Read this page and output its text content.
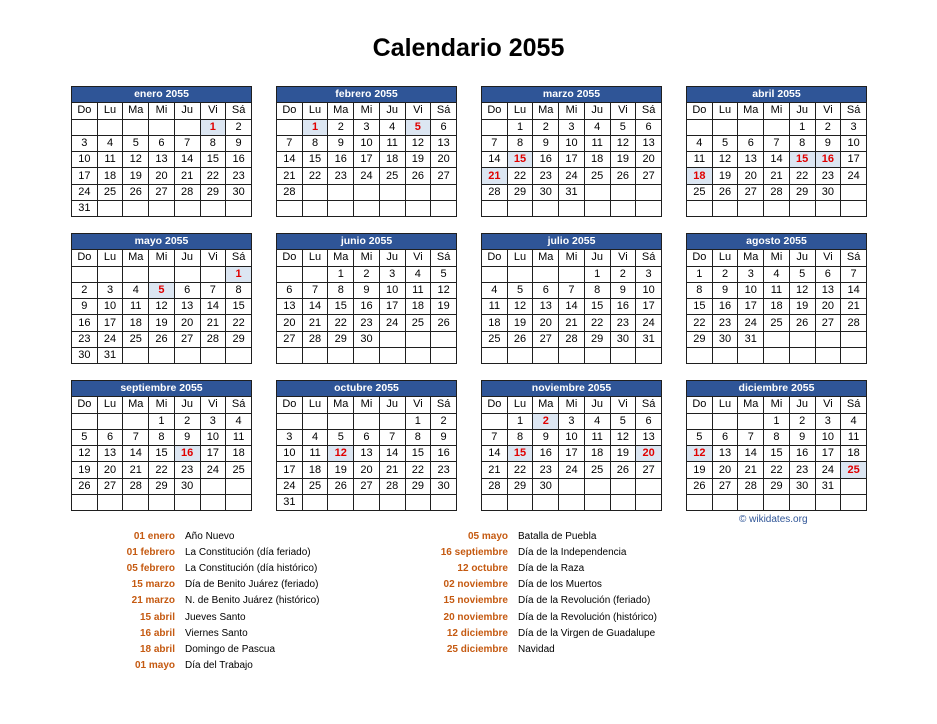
Calendario 2055
enero 2055						
Do	Lu	Ma	Mi	Ju	Vi	Sá
					1	2
3	4	5	6	7	8	9
10	11	12	13	14	15	16
17	18	19	20	21	22	23
24	25	26	27	28	29	30
31						
febrero 2055						
Do	Lu	Ma	Mi	Ju	Vi	Sá
	1	2	3	4	5	6
7	8	9	10	11	12	13
14	15	16	17	18	19	20
21	22	23	24	25	26	27
28						

marzo 2055						
Do	Lu	Ma	Mi	Ju	Vi	Sá
	1	2	3	4	5	6
7	8	9	10	11	12	13
14	15	16	17	18	19	20
21	22	23	24	25	26	27
28	29	30	31			

abril 2055						
Do	Lu	Ma	Mi	Ju	Vi	Sá
				1	2	3
4	5	6	7	8	9	10
11	12	13	14	15	16	17
18	19	20	21	22	23	24
25	26	27	28	29	30	

mayo 2055						
Do	Lu	Ma	Mi	Ju	Vi	Sá
						1
2	3	4	5	6	7	8
9	10	11	12	13	14	15
16	17	18	19	20	21	22
23	24	25	26	27	28	29
30	31					
junio 2055						
Do	Lu	Ma	Mi	Ju	Vi	Sá
		1	2	3	4	5
6	7	8	9	10	11	12
13	14	15	16	17	18	19
20	21	22	23	24	25	26
27	28	29	30			

julio 2055						
Do	Lu	Ma	Mi	Ju	Vi	Sá
				1	2	3
4	5	6	7	8	9	10
11	12	13	14	15	16	17
18	19	20	21	22	23	24
25	26	27	28	29	30	31

agosto 2055						
Do	Lu	Ma	Mi	Ju	Vi	Sá
1	2	3	4	5	6	7
8	9	10	11	12	13	14
15	16	17	18	19	20	21
22	23	24	25	26	27	28
29	30	31				

septiembre 2055						
Do	Lu	Ma	Mi	Ju	Vi	Sá
			1	2	3	4
5	6	7	8	9	10	11
12	13	14	15	16	17	18
19	20	21	22	23	24	25
26	27	28	29	30		

octubre 2055						
Do	Lu	Ma	Mi	Ju	Vi	Sá
					1	2
3	4	5	6	7	8	9
10	11	12	13	14	15	16
17	18	19	20	21	22	23
24	25	26	27	28	29	30
31						
noviembre 2055						
Do	Lu	Ma	Mi	Ju	Vi	Sá
	1	2	3	4	5	6
7	8	9	10	11	12	13
14	15	16	17	18	19	20
21	22	23	24	25	26	27
28	29	30				

diciembre 2055						
Do	Lu	Ma	Mi	Ju	Vi	Sá
			1	2	3	4
5	6	7	8	9	10	11
12	13	14	15	16	17	18
19	20	21	22	23	24	25
26	27	28	29	30	31	

© wikidates.org
01 enero	Año Nuevo
01 febrero	La Constitución (día feriado)
05 febrero	La Constitución (día histórico)
15 marzo	Día de Benito Juárez (feriado)
21 marzo	N. de Benito Juárez (histórico)
15 abril	Jueves Santo
16 abril	Viernes Santo
18 abril	Domingo de Pascua
01 mayo	Día del Trabajo
05 mayo	Batalla de Puebla
16 septiembre	Día de la Independencia
12 octubre	Día de la Raza
02 noviembre	Día de los Muertos
15 noviembre	Día de la Revolución (feriado)
20 noviembre	Día de la Revolución (histórico)
12 diciembre	Día de la Virgen de Guadalupe
25 diciembre	Navidad
